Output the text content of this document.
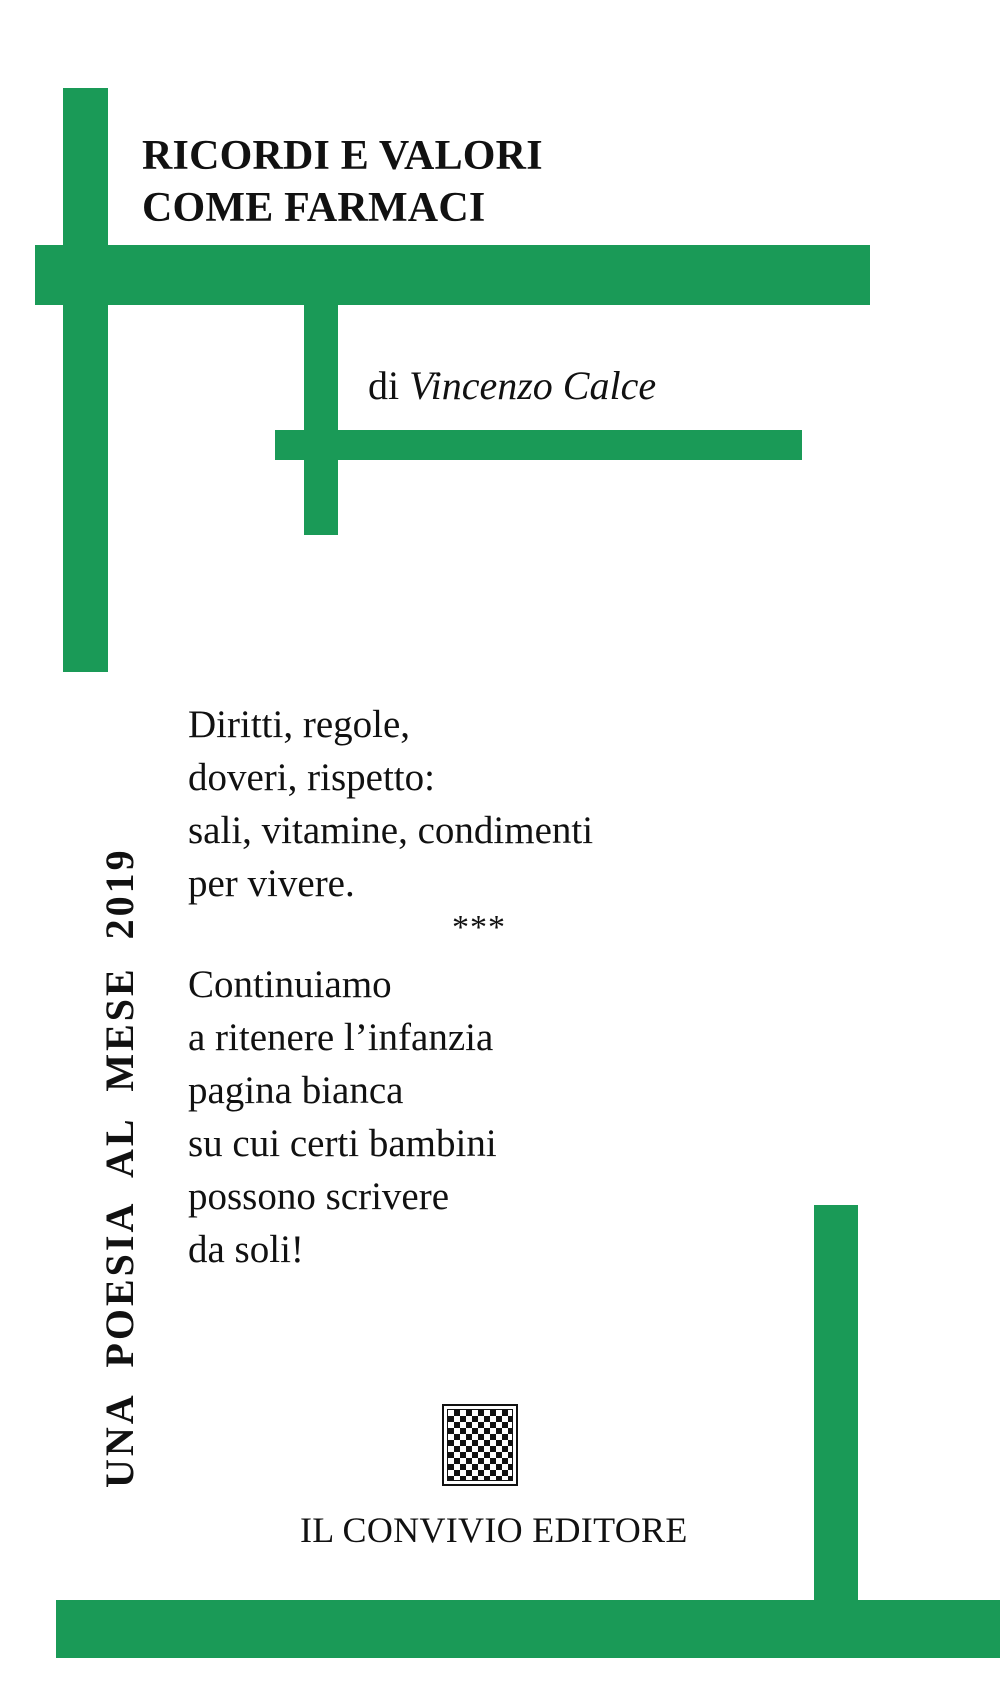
RICORDI E VALORI
COME FARMACI
di Vincenzo Calce
UNA POESIA AL MESE 2019
Diritti, regole,
doveri, rispetto:
sali, vitamine, condimenti
per vivere.
***
Continuiamo
a ritenere l’infanzia
pagina bianca
su cui certi bambini
possono scrivere
da soli!
IL CONVIVIO EDITORE
